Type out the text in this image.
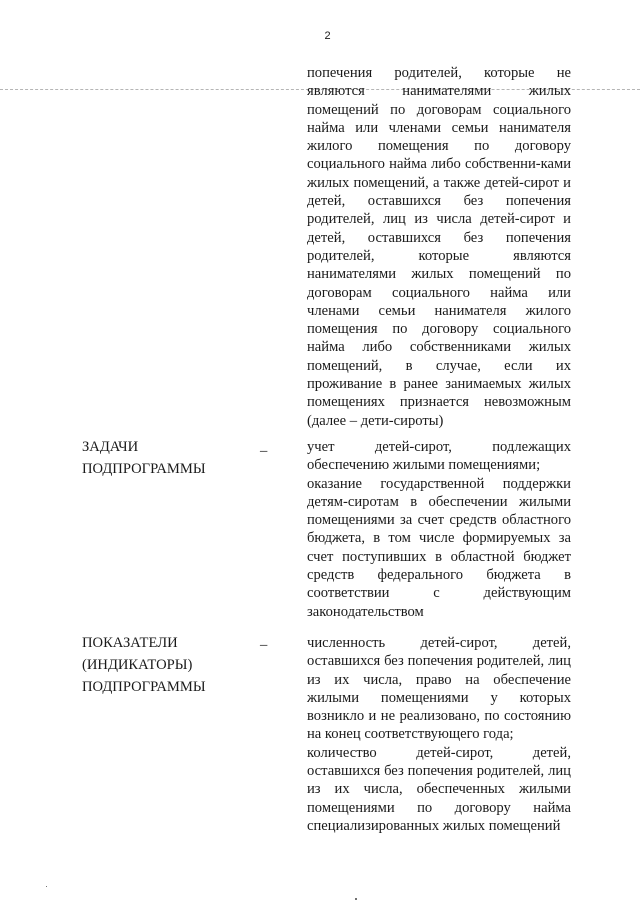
2

попечения родителей, которые не являются нанимателями жилых помещений по договорам социального найма или членами семьи нанимателя жилого помещения по договору социального найма либо собственни-ками жилых помещений, а также детей-сирот и детей, оставшихся без попечения родителей, лиц из числа детей-сирот и детей, оставшихся без попечения родителей, которые являются нанимателями жилых помещений по договорам социального найма или членами семьи нанимателя жилого помещения по договору социального найма либо собственниками жилых помещений, в случае, если их проживание в ранее занимаемых жилых помещениях признается невозможным (далее – дети-сироты)

ЗАДАЧИ
ПОДПРОГРАММЫ
–	учет детей-сирот, подлежащих обеспечению жилыми помещениями;

оказание государственной поддержки детям-сиротам в обеспечении жилыми помещениями за счет средств областного бюджета, в том числе формируемых за счет поступивших в областной бюджет средств федерального бюджета в соответствии с действующим законодательством

ПОКАЗАТЕЛИ
(ИНДИКАТОРЫ)
ПОДПРОГРАММЫ
–	численность детей-сирот, детей, оставшихся без попечения родителей, лиц из их числа, право на обеспечение жилыми помещениями у которых возникло и не реализовано, по состоянию на конец соответствующего года;

количество детей-сирот, детей, оставшихся без попечения родителей, лиц из их числа, обеспеченных жилыми помещениями по договору найма специализированных жилых помещений
